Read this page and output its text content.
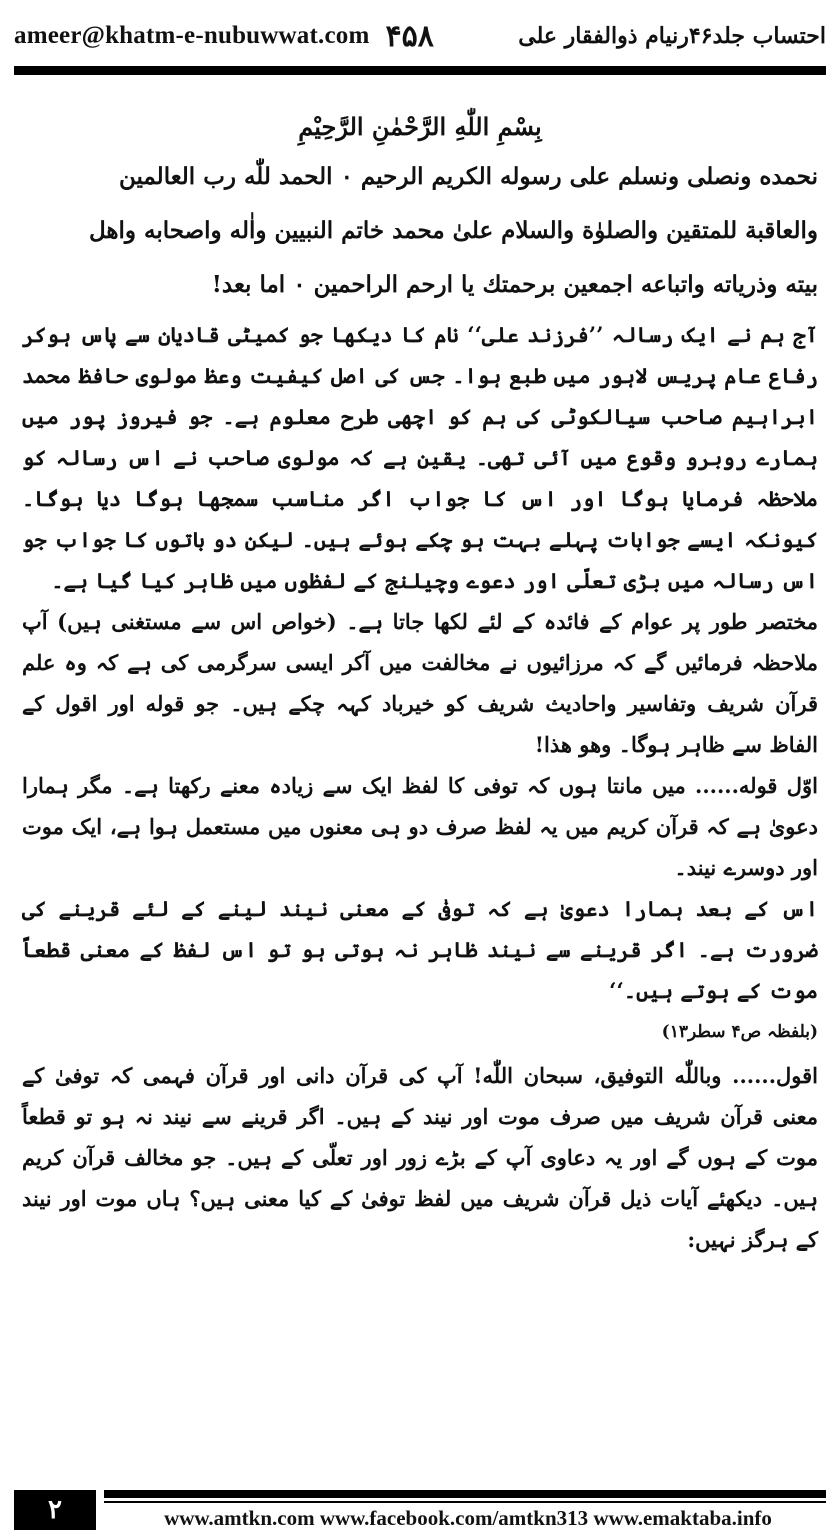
ameer@khatm-e-nubuwwat.com ۴۵۸	احتساب جلد۴۶رنیام ذوالفقار علی
بِسْمِ اللّٰهِ الرَّحْمٰنِ الرَّحِیْمِ

نحمده ونصلی ونسلم علی رسوله الكريم الرحيم ٠ الحمد للّٰه رب العالمين

والعاقبة للمتقين والصلوٰة والسلام علیٰ محمد خاتم النبيين واٰله واصحابه واهل

بيته وذرياته واتباعه اجمعين برحمتك يا ارحم الراحمين ٠ اما بعد!

آج ہم نے ایک رسالہ ’’فرزند علی‘‘ نام کا دیکھا جو کمیٹی قادیان سے پاس ہوکر رفاع عام پریس لاہور میں طبع ہوا۔ جس کی اصل کیفیت وعظ مولوی حافظ محمد ابراہیم صاحب سیالکوٹی کی ہم کو اچھی طرح معلوم ہے۔ جو فیروز پور میں ہمارے روبرو وقوع میں آئی تھی۔ یقین ہے کہ مولوی صاحب نے اس رسالہ کو ملاحظہ فرمایا ہوگا اور اس کا جواب اگر مناسب سمجھا ہوگا دیا ہوگا۔ کیونکہ ایسے جوابات پہلے بہت ہو چکے ہوئے ہیں۔ لیکن دو باتوں کا جواب جو اس رسالہ میں بڑی تعلّی اور دعوے وچیلنج کے لفظوں میں ظاہر کیا گیا ہے۔

مختصر طور پر عوام کے فائدہ کے لئے لکھا جاتا ہے۔ (خواص اس سے مستغنی ہیں) آپ ملاحظہ فرمائیں گے کہ مرزائیوں نے مخالفت میں آکر ایسی سرگرمی کی ہے کہ وہ علم قرآن شریف وتفاسیر واحادیث شریف کو خیرباد کہہ چکے ہیں۔ جو قوله اور اقول کے الفاظ سے ظاہر ہوگا۔ وھو ھذا!

اوّل قوله...... میں مانتا ہوں کہ توفی کا لفظ ایک سے زیادہ معنے رکھتا ہے۔ مگر ہمارا دعویٰ ہے کہ قرآن کریم میں یہ لفظ صرف دو ہی معنوں میں مستعمل ہوا ہے، ایک موت اور دوسرے نیند۔

اس کے بعد ہمارا دعویٰ ہے کہ توفیٰ کے معنی نیند لینے کے لئے قرینے کی ضرورت ہے۔ اگر قرینے سے نیند ظاہر نہ ہوتی ہو تو اس لفظ کے معنی قطعاً موت کے ہوتے ہیں۔‘‘

(بلفظہ ص۴ سطر۱۳)

اقول...... وباللّٰه التوفيق، سبحان اللّٰه! آپ کی قرآن دانی اور قرآن فہمی کہ توفیٰ کے معنی قرآن شریف میں صرف موت اور نیند کے ہیں۔ اگر قرینے سے نیند نہ ہو تو قطعاً موت کے ہوں گے اور یہ دعاوی آپ کے بڑے زور اور تعلّی کے ہیں۔ جو مخالف قرآن کریم ہیں۔ دیکھئے آیات ذیل قرآن شریف میں لفظ توفیٰ کے کیا معنی ہیں؟ ہاں موت اور نیند کے ہرگز نہیں:

۲	www.amtkn.com www.facebook.com/amtkn313 www.emaktaba.info
